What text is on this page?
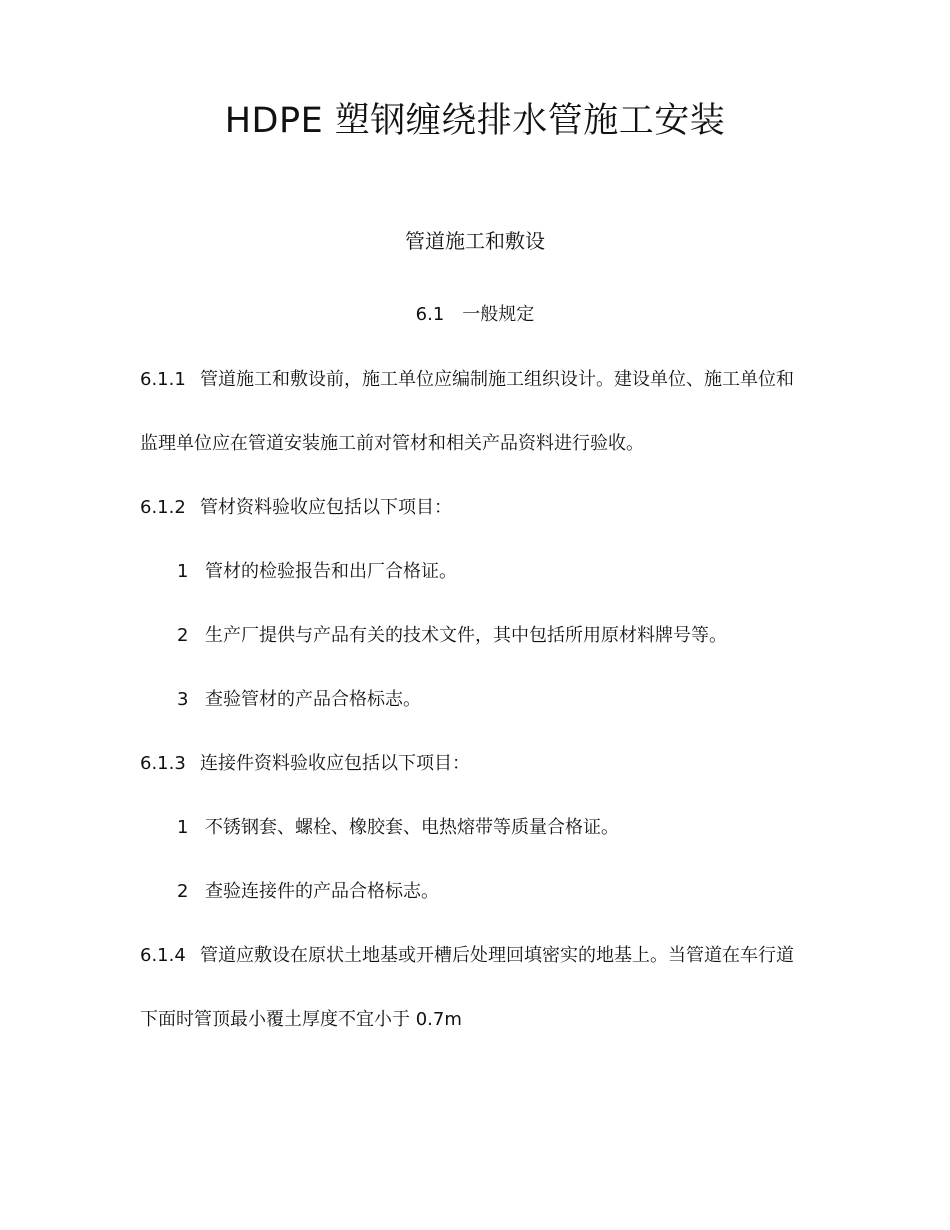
HDPE 塑钢缠绕排水管施工安装
管道施工和敷设
6.1　一般规定
6.1.1 管道施工和敷设前，施工单位应编制施工组织设计。建设单位、施工单位和
监理单位应在管道安装施工前对管材和相关产品资料进行验收。
6.1.2 管材资料验收应包括以下项目：
1 管材的检验报告和出厂合格证。
2 生产厂提供与产品有关的技术文件，其中包括所用原材料牌号等。
3 查验管材的产品合格标志。
6.1.3 连接件资料验收应包括以下项目：
1 不锈钢套、螺栓、橡胶套、电热熔带等质量合格证。
2 查验连接件的产品合格标志。
6.1.4 管道应敷设在原状土地基或开槽后处理回填密实的地基上。当管道在车行道
下面时管顶最小覆土厚度不宜小于 0.7m
